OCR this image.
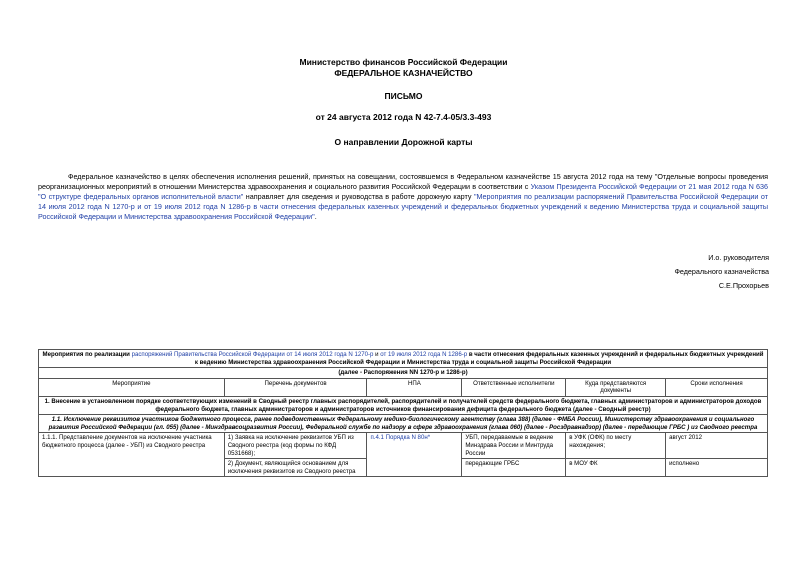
Министерство финансов Российской Федерации
ФЕДЕРАЛЬНОЕ КАЗНАЧЕЙСТВО
ПИСЬМО
от 24 августа 2012 года N 42-7.4-05/3.3-493
О направлении Дорожной карты
Федеральное казначейство в целях обеспечения исполнения решений, принятых на совещании, состоявшемся в Федеральном казначействе 15 августа 2012 года на тему "Отдельные вопросы проведения реорганизационных мероприятий в отношении Министерства здравоохранения и социального развития Российской Федерации в соответствии с Указом Президента Российской Федерации от 21 мая 2012 года N 636 "О структуре федеральных органов исполнительной власти" направляет для сведения и руководства в работе дорожную карту "Мероприятия по реализации распоряжений Правительства Российской Федерации от 14 июля 2012 года N 1270-р и от 19 июля 2012 года N 1286-р в части отнесения федеральных казенных учреждений и федеральных бюджетных учреждений к ведению Министерства труда и социальной защиты Российской Федерации и Министерства здравоохранения Российской Федерации".
И.о. руководителя
Федерального казначейства
С.Е.Прохорьев
Мероприятия по реализации распоряжений Правительства Российской Федерации от 14 июля 2012 года N 1270-р и от 19 июля 2012 года N 1286-р в части отнесения федеральных казенных учреждений и федеральных бюджетных учреждений к ведению Министерства здравоохранения Российской Федерации и Министерства труда и социальной защиты Российской Федерации					
(далее - Распоряжения NN 1270-р и 1286-р)					
Мероприятие	Перечень документов	НПА	Ответственные исполнители	Куда представляются документы	Сроки исполнения
1. Внесение в установленном порядке соответствующих изменений в Сводный реестр главных распорядителей, распорядителей и получателей средств федерального бюджета, главных администраторов и администраторов доходов федерального бюджета, главных администраторов и администраторов источников финансирования дефицита федерального бюджета (далее - Сводный реестр)					
1.1. Исключение реквизитов участников бюджетного процесса, ранее подведомственных Федеральному медико-биологическому агентству (глава 388) (далее - ФМБА России), Министерству здравоохранения и социального развития Российской Федерации (гл. 055) (далее - Минздравсоцразвития России), Федеральной службе по надзору в сфере здравоохранения (глава 060) (далее - Росздравнадзор) (далее - передающие ГРБС ) из Сводного реестра					
1.1.1. Представление документов на исключение участника бюджетного процесса (далее - УБП) из Сводного реестра	1) Заявка на исключение реквизитов УБП из Сводного реестра (код формы по КФД 0531668);	п.4.1 Порядка N 80н*	УБП, передаваемые в ведение Минздрава России и Минтруда России	в УФК (ОФК) по месту нахождения;	август 2012
	2) Документ, являющийся основанием для исключения реквизитов из Сводного реестра		передающие ГРБС	в МОУ ФК	исполнено
